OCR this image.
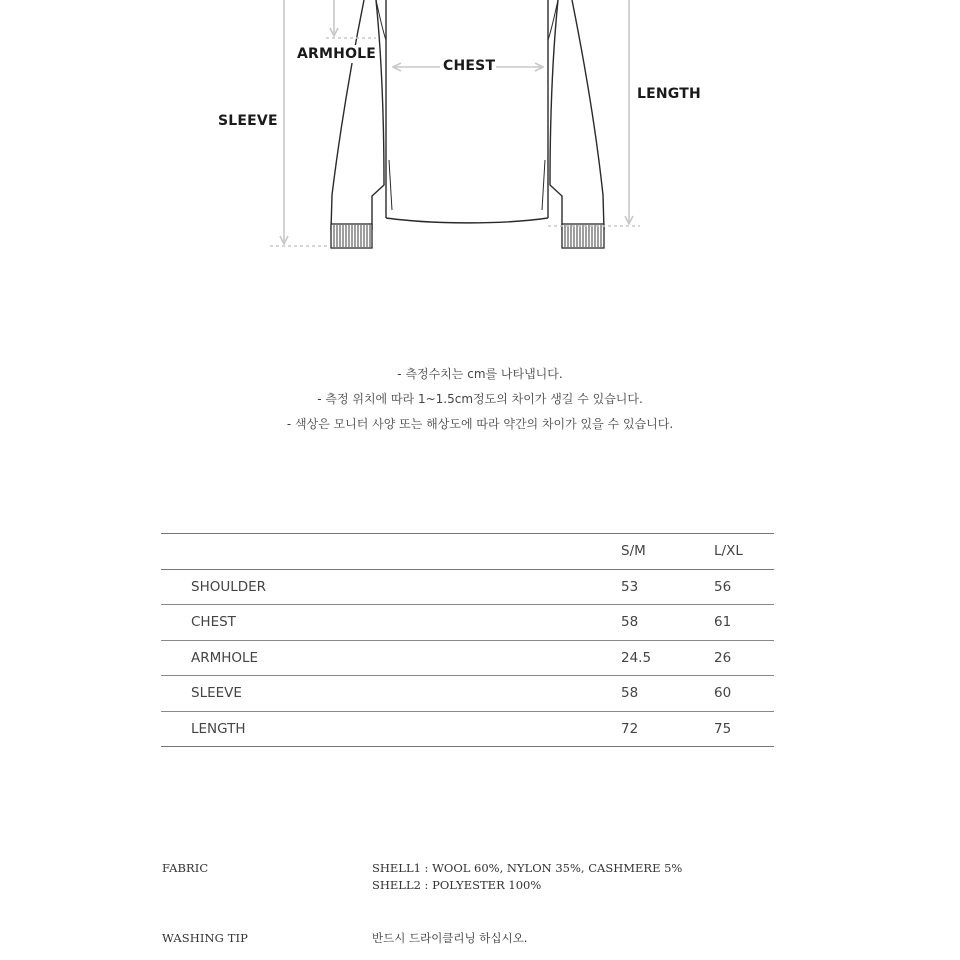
ARMHOLE
CHEST
LENGTH
SLEEVE

- 측정수치는 cm를 나타냅니다.

- 측정 위치에 따라 1~1.5cm정도의 차이가 생길 수 있습니다.

- 색상은 모니터 사양 또는 해상도에 따라 약간의 차이가 있을 수 있습니다.

	S/M	L/XL
SHOULDER	53	56
CHEST	58	61
ARMHOLE	24.5	26
SLEEVE	58	60
LENGTH	72	75
FABRIC	SHELL1 : WOOL 60%, NYLON 35%, CASHMERE 5%
SHELL2 : POLYESTER 100%
WASHING TIP	반드시 드라이클리닝 하십시오.
